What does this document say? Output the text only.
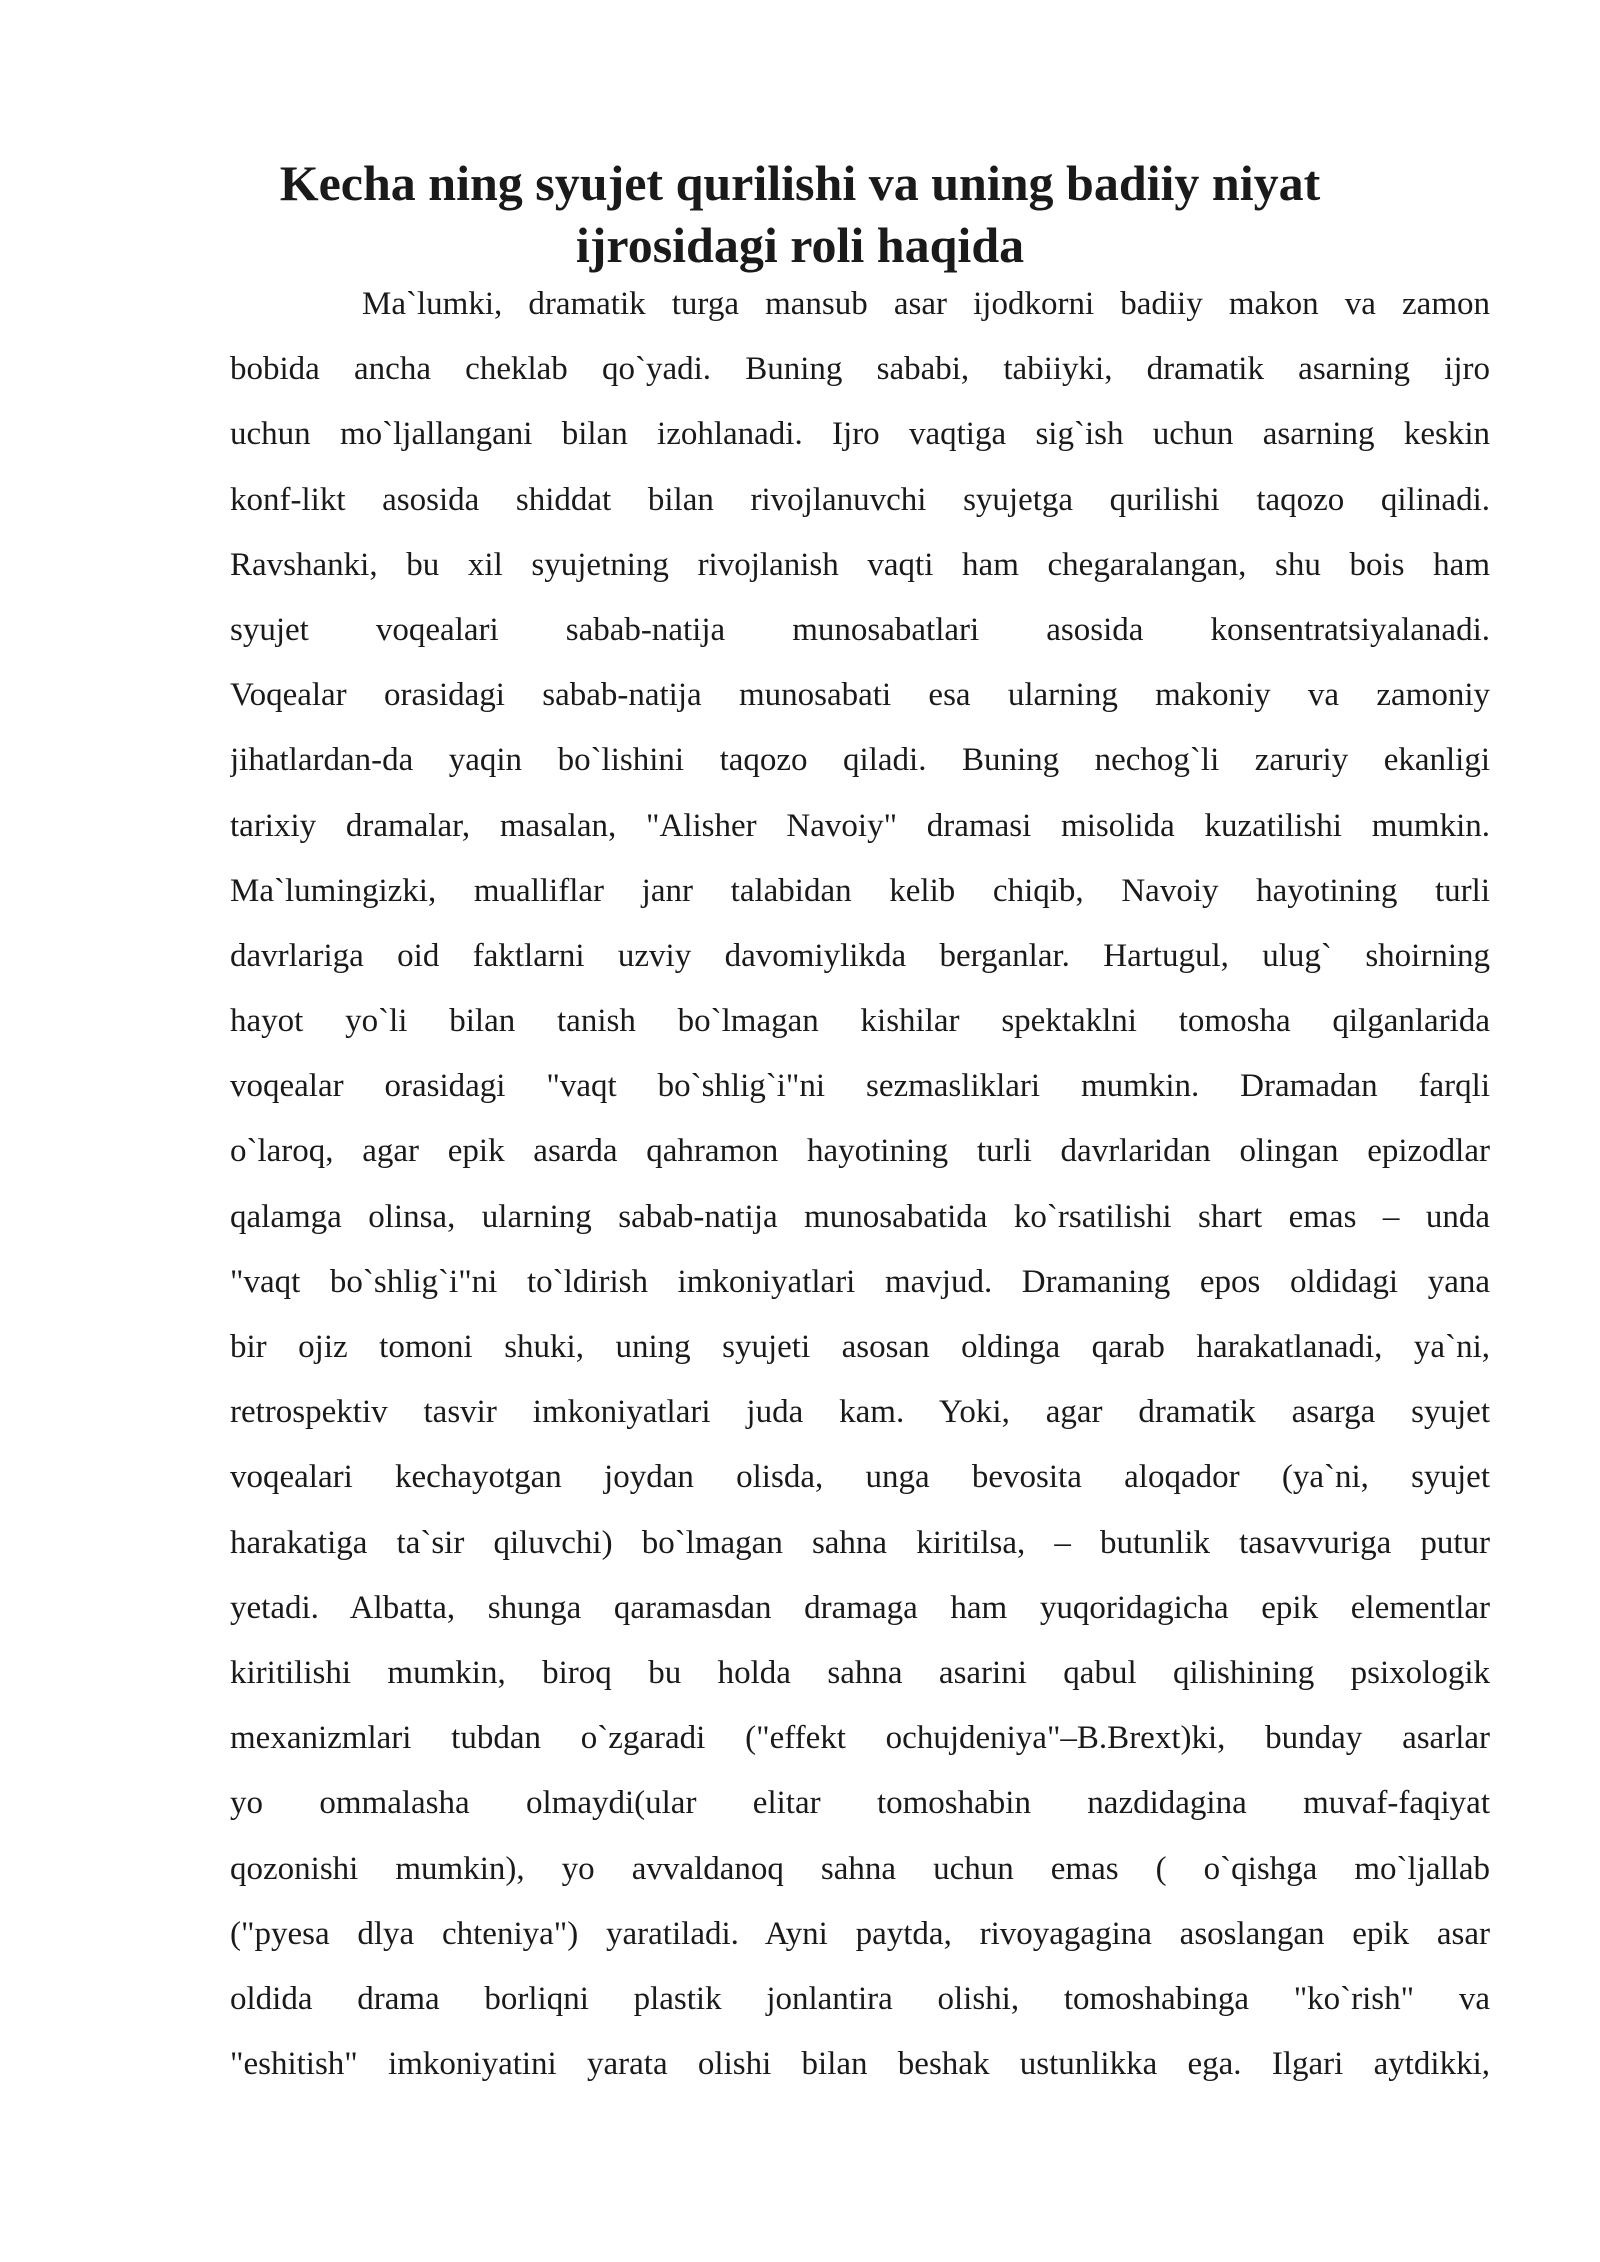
Kecha ning syujet qurilishi va uning badiiy niyat
ijrosidagi roli haqida
Ma`lumki, dramatik turga mansub asar ijodkorni badiiy makon va zamon
bobida ancha cheklab qo`yadi. Buning sababi, tabiiyki, dramatik asarning ijro
uchun mo`ljallangani bilan izohlanadi. Ijro vaqtiga sig`ish uchun asarning keskin
konf-likt asosida shiddat bilan rivojlanuvchi syujetga qurilishi taqozo qilinadi.
Ravshanki, bu xil syujetning rivojlanish vaqti ham chegaralangan, shu bois ham
syujet voqealari sabab-natija munosabatlari asosida konsentratsiyalanadi.
Voqealar orasidagi sabab-natija munosabati esa ularning makoniy va zamoniy
jihatlardan-da yaqin bo`lishini taqozo qiladi. Buning nechog`li zaruriy ekanligi
tarixiy dramalar, masalan, "Alisher Navoiy" dramasi misolida kuzatilishi mumkin.
Ma`lumingizki, mualliflar janr talabidan kelib chiqib, Navoiy hayotining turli
davrlariga oid faktlarni uzviy davomiylikda berganlar. Hartugul, ulug` shoirning
hayot yo`li bilan tanish bo`lmagan kishilar spektaklni tomosha qilganlarida
voqealar orasidagi "vaqt bo`shlig`i"ni sezmasliklari mumkin. Dramadan farqli
o`laroq, agar epik asarda qahramon hayotining turli davrlaridan olingan epizodlar
qalamga olinsa, ularning sabab-natija munosabatida ko`rsatilishi shart emas – unda
"vaqt bo`shlig`i"ni to`ldirish imkoniyatlari mavjud. Dramaning epos oldidagi yana
bir ojiz tomoni shuki, uning syujeti asosan oldinga qarab harakatlanadi, ya`ni,
retrospektiv tasvir imkoniyatlari juda kam. Yoki, agar dramatik asarga syujet
voqealari kechayotgan joydan olisda, unga bevosita aloqador (ya`ni, syujet
harakatiga ta`sir qiluvchi) bo`lmagan sahna kiritilsa, – butunlik tasavvuriga putur
yetadi. Albatta, shunga qaramasdan dramaga ham yuqoridagicha epik elementlar
kiritilishi mumkin, biroq bu holda sahna asarini qabul qilishining psixologik
mexanizmlari tubdan o`zgaradi ("effekt ochujdeniya"–B.Brext)ki, bunday asarlar
yo ommalasha olmaydi(ular elitar tomoshabin nazdidagina muvaf-faqiyat
qozonishi mumkin), yo avvaldanoq sahna uchun emas ( o`qishga mo`ljallab
("pyesa dlya chteniya") yaratiladi. Ayni paytda, rivoyagagina asoslangan epik asar
oldida drama borliqni plastik jonlantira olishi, tomoshabinga "ko`rish" va
"eshitish" imkoniyatini yarata olishi bilan beshak ustunlikka ega. Ilgari aytdikki,
